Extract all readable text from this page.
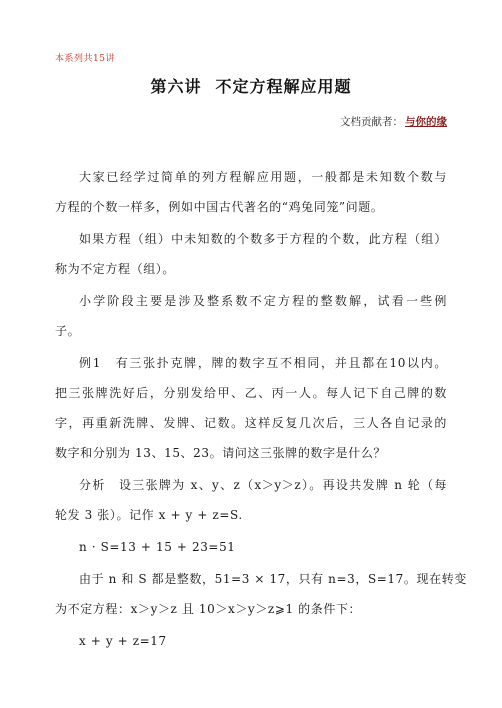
本系列共15讲
第六讲 不定方程解应用题
文档贡献者： 与你的缘
大家已经学过简单的列方程解应用题，一般都是未知数个数与
方程的个数一样多，例如中国古代著名的“鸡兔同笼”问题。
如果方程（组）中未知数的个数多于方程的个数，此方程（组）
称为不定方程（组）。
小学阶段主要是涉及整系数不定方程的整数解，试看一些例
子。
例1　有三张扑克牌，牌的数字互不相同，并且都在10以内。
把三张牌洗好后，分别发给甲、乙、丙一人。每人记下自己牌的数
字，再重新洗牌、发牌、记数。这样反复几次后，三人各自记录的
数字和分别为 13、15、23。请问这三张牌的数字是什么？
分析　设三张牌为 x、y、z（x＞y＞z）。再设共发牌 n 轮（每
轮发 3 张）。记作 x + y + z=S.
n · S=13 + 15 + 23=51
由于 n 和 S 都是整数，51=3 × 17，只有 n=3，S=17。现在转变
为不定方程：x＞y＞z 且 10＞x＞y＞z⩾1 的条件下：
x + y + z=17
